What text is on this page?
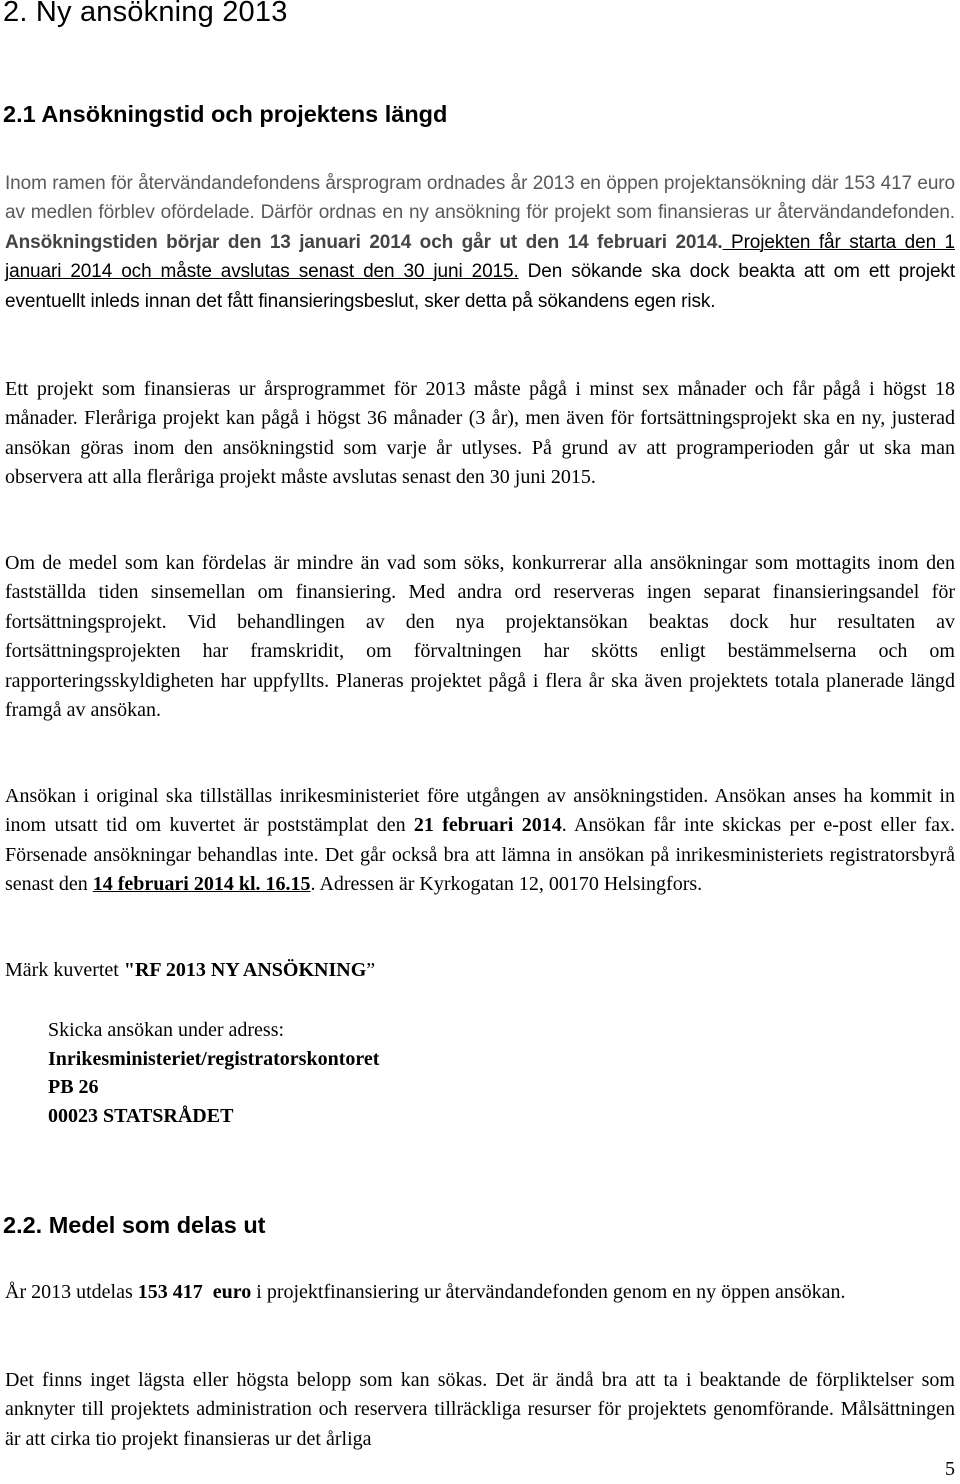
2. Ny ansökning 2013
2.1 Ansökningstid och projektens längd

Inom ramen för återvändandefondens årsprogram ordnades år 2013 en öppen projektansökning där 153 417 euro av medlen förblev ofördelade. Därför ordnas en ny ansökning för projekt som finansieras ur återvändandefonden. Ansökningstiden börjar den 13 januari 2014 och går ut den 14 februari 2014. Projekten får starta den 1 januari 2014 och måste avslutas senast den 30 juni 2015. Den sökande ska dock beakta att om ett projekt eventuellt inleds innan det fått finansieringsbeslut, sker detta på sökandens egen risk.

Ett projekt som finansieras ur årsprogrammet för 2013 måste pågå i minst sex månader och får pågå i högst 18 månader. Fleråriga projekt kan pågå i högst 36 månader (3 år), men även för fortsättningsprojekt ska en ny, justerad ansökan göras inom den ansökningstid som varje år utlyses. På grund av att programperioden går ut ska man observera att alla fleråriga projekt måste avslutas senast den 30 juni 2015.

Om de medel som kan fördelas är mindre än vad som söks, konkurrerar alla ansökningar som mottagits inom den fastställda tiden sinsemellan om finansiering. Med andra ord reserveras ingen separat finansieringsandel för fortsättningsprojekt. Vid behandlingen av den nya projektansökan beaktas dock hur resultaten av fortsättningsprojekten har framskridit, om förvaltningen har skötts enligt bestämmelserna och om rapporteringsskyldigheten har uppfyllts. Planeras projektet pågå i flera år ska även projektets totala planerade längd framgå av ansökan.

Ansökan i original ska tillställas inrikesministeriet före utgången av ansökningstiden. Ansökan anses ha kommit in inom utsatt tid om kuvertet är poststämplat den 21 februari 2014. Ansökan får inte skickas per e-post eller fax. Försenade ansökningar behandlas inte. Det går också bra att lämna in ansökan på inrikesministeriets registratorsbyrå senast den 14 februari 2014 kl. 16.15. Adressen är Kyrkogatan 12, 00170 Helsingfors.

Märk kuvertet "RF 2013 NY ANSÖKNING”

Skicka ansökan under adress:
Inrikesministeriet/registratorskontoret
PB 26
00023 STATSRÅDET
2.2. Medel som delas ut

År 2013 utdelas 153 417  euro i projektfinansiering ur återvändandefonden genom en ny öppen ansökan.

Det finns inget lägsta eller högsta belopp som kan sökas. Det är ändå bra att ta i beaktande de förpliktelser som anknyter till projektets administration och reservera tillräckliga resurser för projektets genomförande. Målsättningen är att cirka tio projekt finansieras ur det årliga

5
